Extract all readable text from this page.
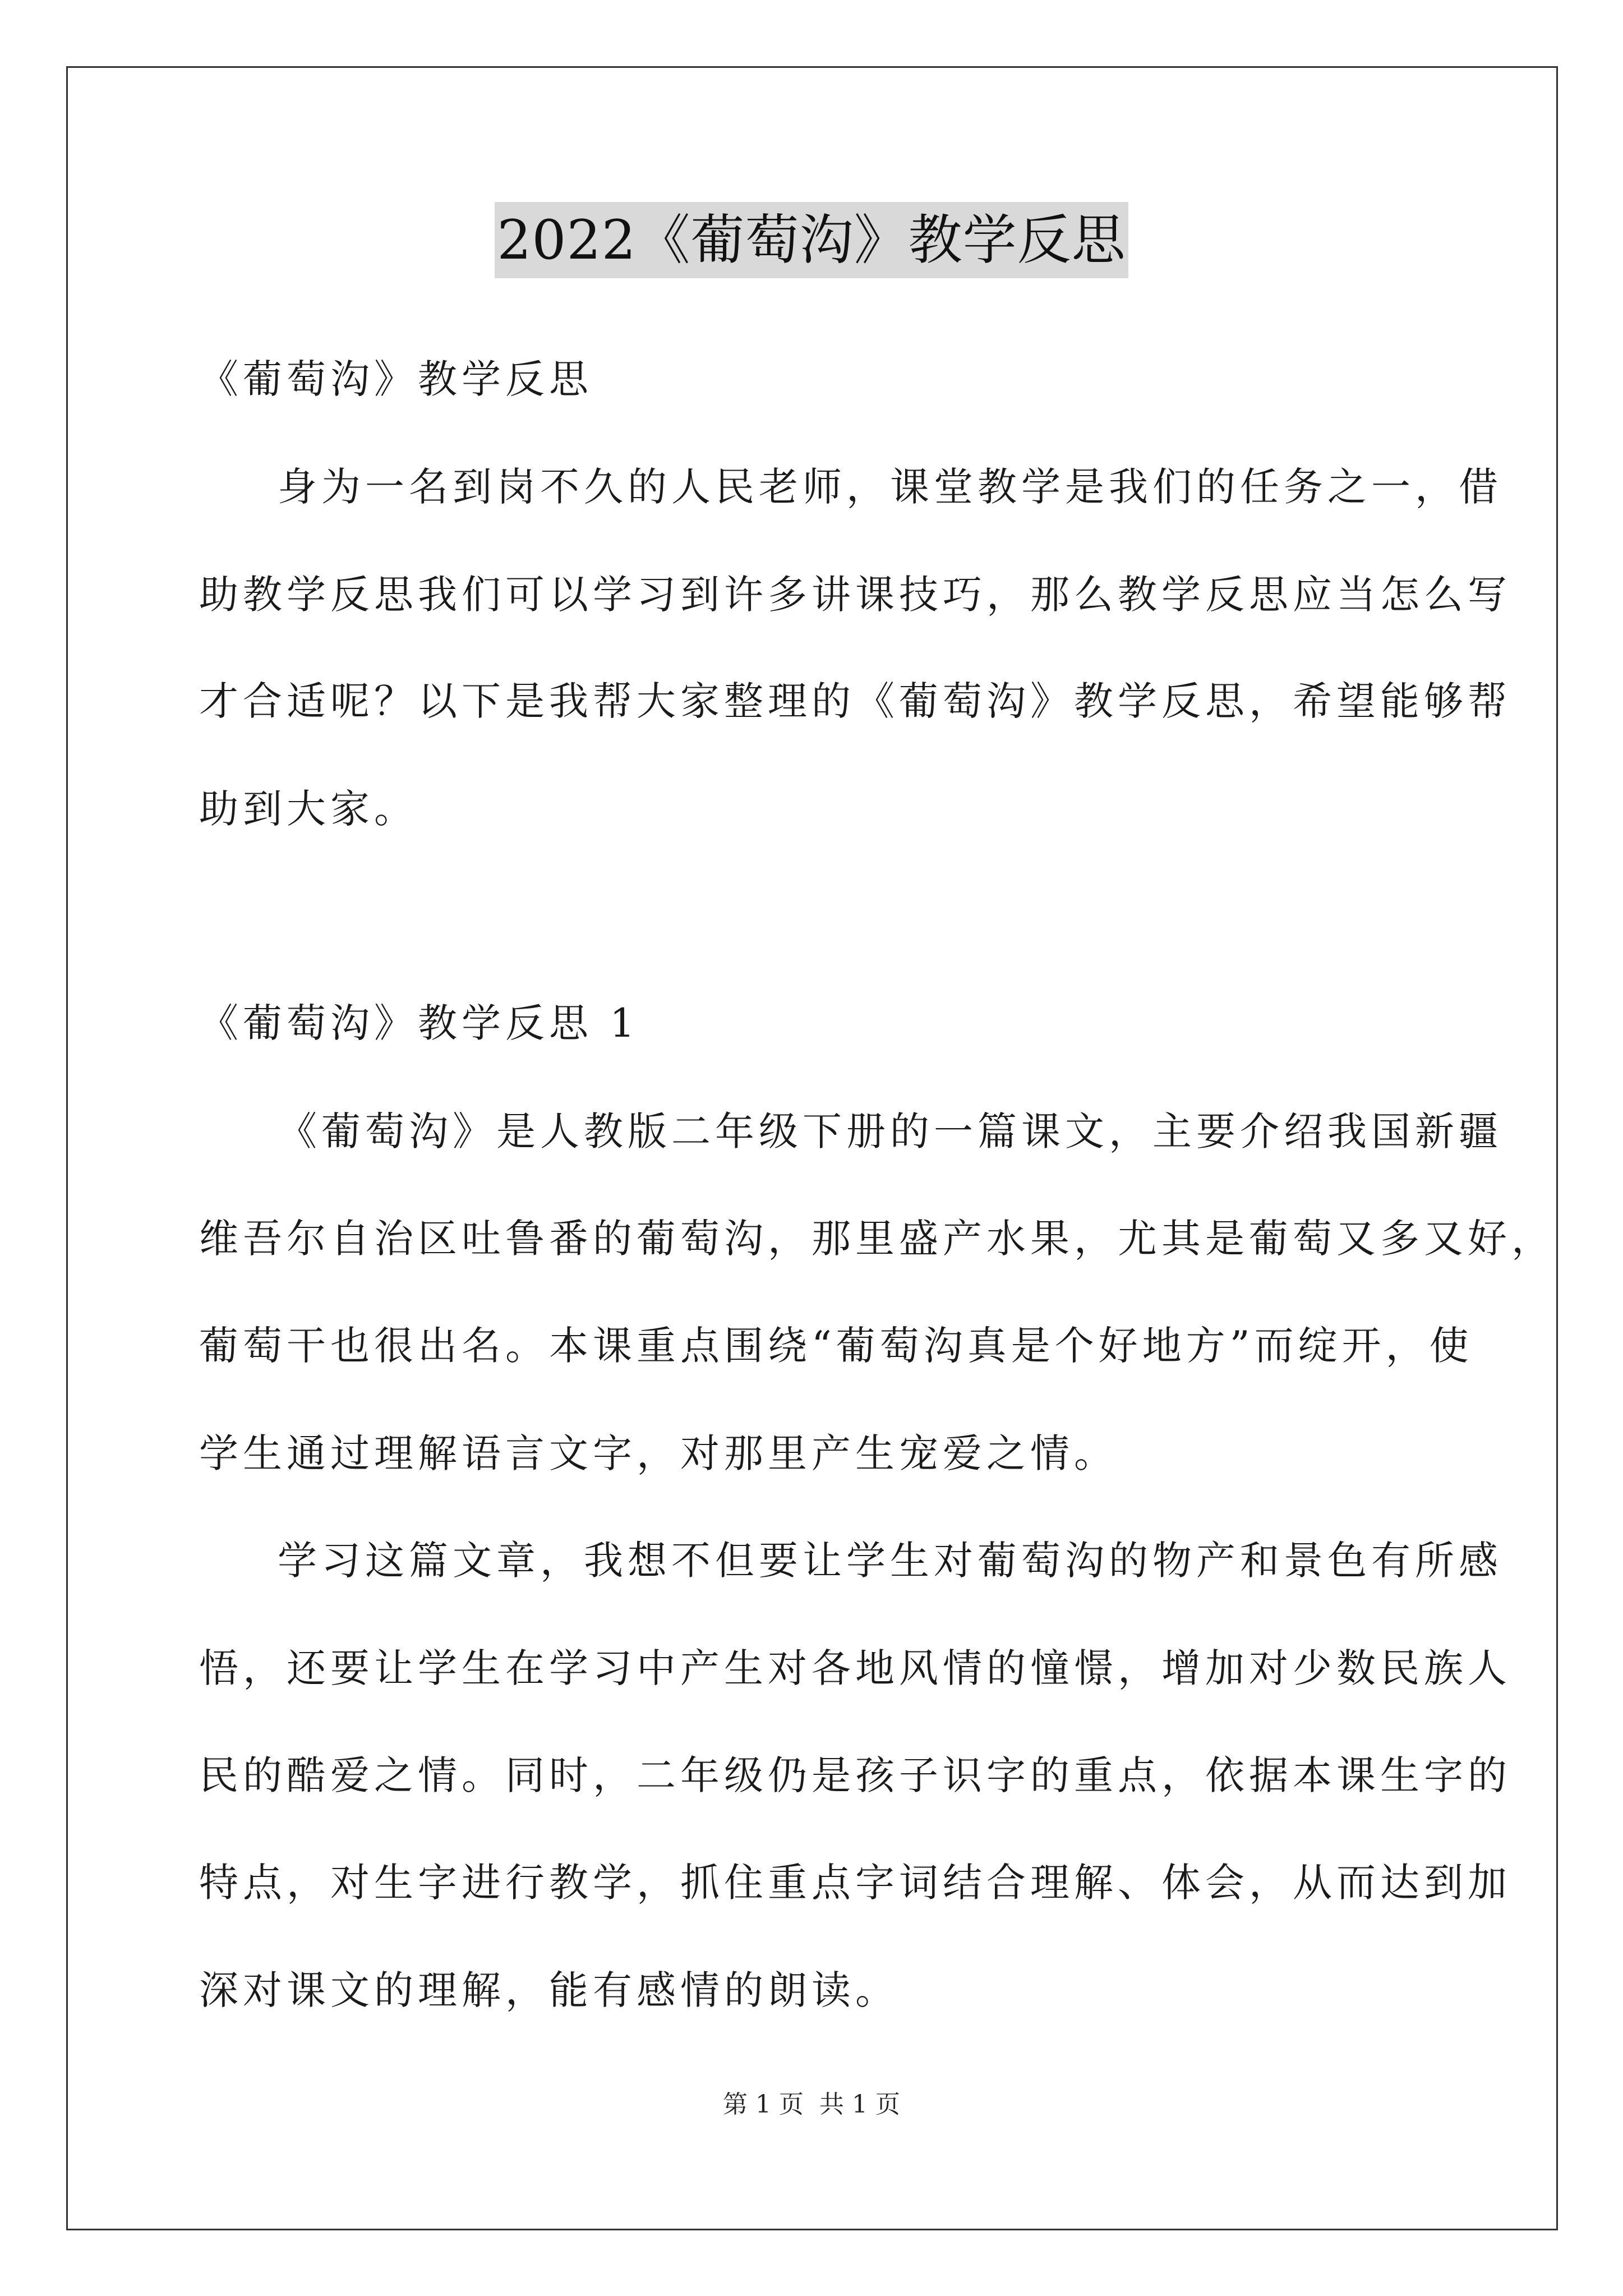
2022《葡萄沟》教学反思
《葡萄沟》教学反思
身为一名到岗不久的人民老师，课堂教学是我们的任务之一，借
助教学反思我们可以学习到许多讲课技巧，那么教学反思应当怎么写
才合适呢？以下是我帮大家整理的《葡萄沟》教学反思，希望能够帮
助到大家。
《葡萄沟》教学反思 1
《葡萄沟》是人教版二年级下册的一篇课文，主要介绍我国新疆
维吾尔自治区吐鲁番的葡萄沟，那里盛产水果，尤其是葡萄又多又好，
葡萄干也很出名。本课重点围绕“葡萄沟真是个好地方”而绽开，使
学生通过理解语言文字，对那里产生宠爱之情。
学习这篇文章，我想不但要让学生对葡萄沟的物产和景色有所感
悟，还要让学生在学习中产生对各地风情的憧憬，增加对少数民族人
民的酷爱之情。同时，二年级仍是孩子识字的重点，依据本课生字的
特点，对生字进行教学，抓住重点字词结合理解、体会，从而达到加
深对课文的理解，能有感情的朗读。
第 1 页 共 1 页
